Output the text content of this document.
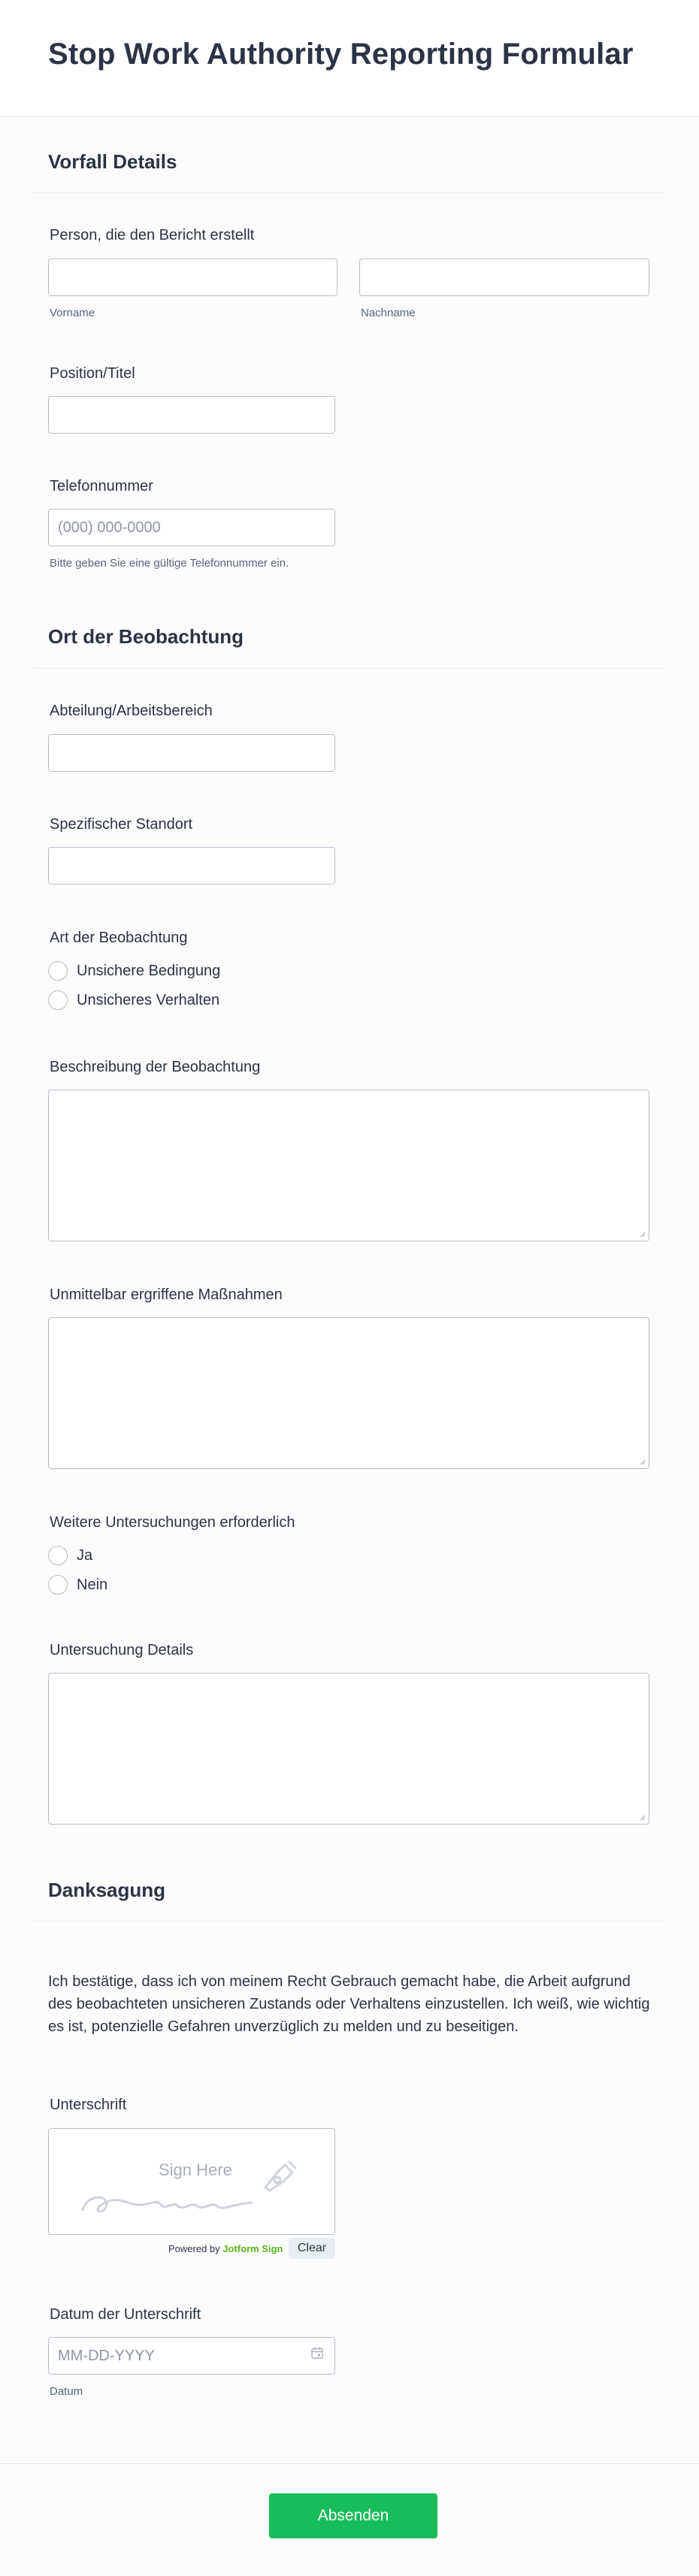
Stop Work Authority Reporting Formular
Vorfall Details
Person, die den Bericht erstellt
Vorname	Nachname
Position/Titel
Telefonnummer
(000) 000-0000
Bitte geben Sie eine gültige Telefonnummer ein.
Ort der Beobachtung
Abteilung/Arbeitsbereich
Spezifischer Standort
Art der Beobachtung
Unsichere Bedingung
Unsicheres Verhalten
Beschreibung der Beobachtung
Unmittelbar ergriffene Maßnahmen
Weitere Untersuchungen erforderlich
Ja
Nein
Untersuchung Details
Danksagung

Ich bestätige, dass ich von meinem Recht Gebrauch gemacht habe, die Arbeit aufgrund des beobachteten unsicheren Zustands oder Verhaltens einzustellen. Ich weiß, wie wichtig es ist, potenzielle Gefahren unverzüglich zu melden und zu beseitigen.

Unterschrift
Sign Here
Powered by Jotform Sign	Clear
Datum der Unterschrift
MM-DD-YYYY
Datum
Absenden
